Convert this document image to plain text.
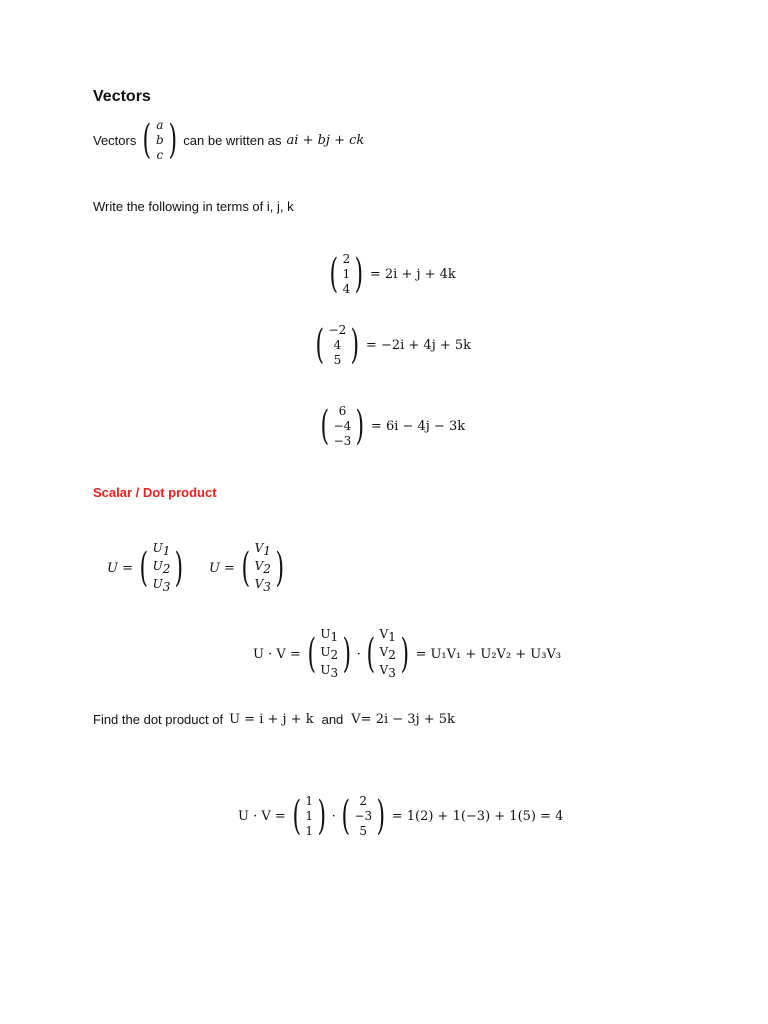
Vectors
Vectors ( a
b
c ) can be written as ai + bj + ck
Write the following in terms of i, j, k
( 2
1
4 ) = 2i + j + 4k
( −2
4
5 ) = −2i + 4j + 5k
( 6
−4
−3 ) = 6i − 4j − 3k
Scalar / Dot product
U = ( U1
U2
U3 ) U = ( V1
V2
V3 )
U · V = ( U1
U2
U3 ) · ( V1
V2
V3 ) = U₁V₁ + U₂V₂ + U₃V₃
Find the dot product of U = i + j + k and V= 2i − 3j + 5k
U · V = ( 1
1
1 ) · ( 2
−3
5 ) = 1(2) + 1(−3) + 1(5) = 4
